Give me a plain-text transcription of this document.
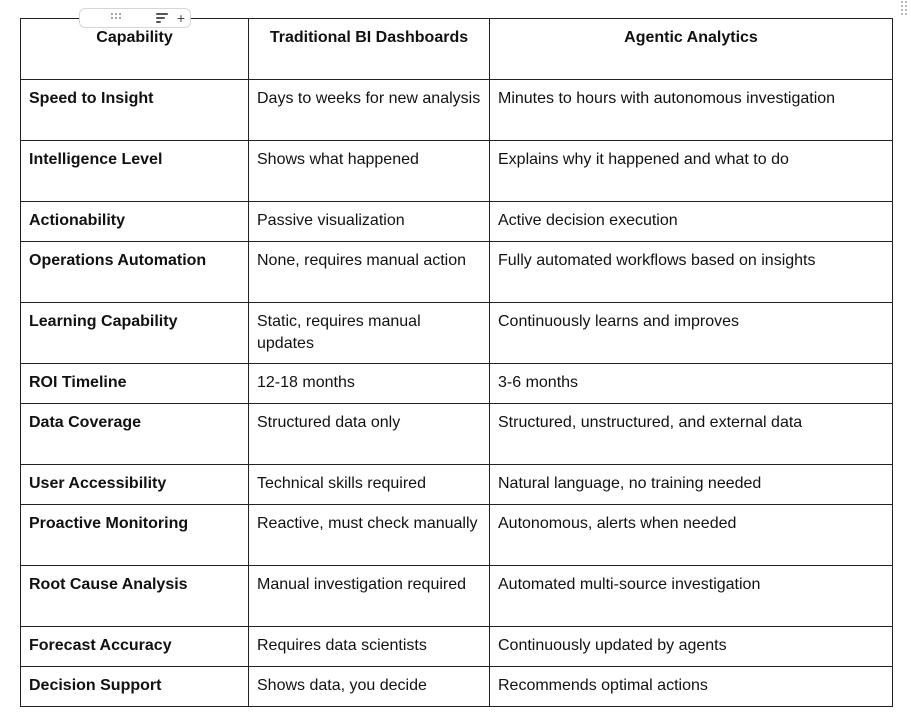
+
Capability	Traditional BI Dashboards	Agentic Analytics
Speed to Insight	Days to weeks for new analysis	Minutes to hours with autonomous investigation
Intelligence Level	Shows what happened	Explains why it happened and what to do
Actionability	Passive visualization	Active decision execution
Operations Automation	None, requires manual action	Fully automated workflows based on insights
Learning Capability	Static, requires manual updates	Continuously learns and improves
ROI Timeline	12-18 months	3-6 months
Data Coverage	Structured data only	Structured, unstructured, and external data
User Accessibility	Technical skills required	Natural language, no training needed
Proactive Monitoring	Reactive, must check manually	Autonomous, alerts when needed
Root Cause Analysis	Manual investigation required	Automated multi-source investigation
Forecast Accuracy	Requires data scientists	Continuously updated by agents
Decision Support	Shows data, you decide	Recommends optimal actions
